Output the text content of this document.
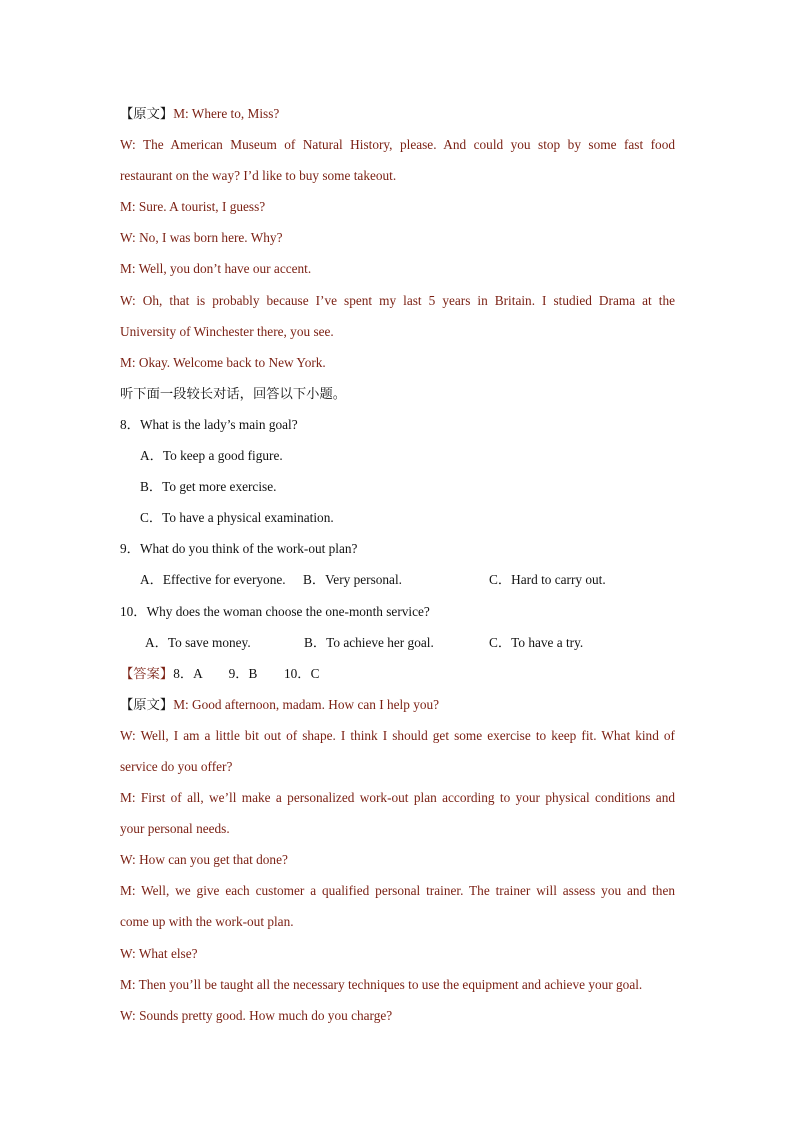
【原文】M: Where to, Miss?
W: The American Museum of Natural History, please. And could you stop by some fast food
restaurant on the way? I’d like to buy some takeout.
M: Sure. A tourist, I guess?
W: No, I was born here. Why?
M: Well, you don’t have our accent.
W: Oh, that is probably because I’ve spent my last 5 years in Britain. I studied Drama at the
University of Winchester there, you see.
M: Okay. Welcome back to New York.
听下面一段较长对话，回答以下小题。
8．What is the lady’s main goal?
A．To keep a good figure.
B．To get more exercise.
C．To have a physical examination.
9．What do you think of the work-out plan?
A．Effective for everyone. B．Very personal.	C．Hard to carry out.
10．Why does the woman choose the one-month service?
A．To save money.	B．To achieve her goal.	C．To have a try.
【答案】8．A        9．B        10．C
【原文】M: Good afternoon, madam. How can I help you?
W: Well, I am a little bit out of shape. I think I should get some exercise to keep fit. What kind of
service do you offer?
M: First of all, we’ll make a personalized work-out plan according to your physical conditions and
your personal needs.
W: How can you get that done?
M: Well, we give each customer a qualified personal trainer. The trainer will assess you and then
come up with the work-out plan.
W: What else?
M: Then you’ll be taught all the necessary techniques to use the equipment and achieve your goal.
W: Sounds pretty good. How much do you charge?
